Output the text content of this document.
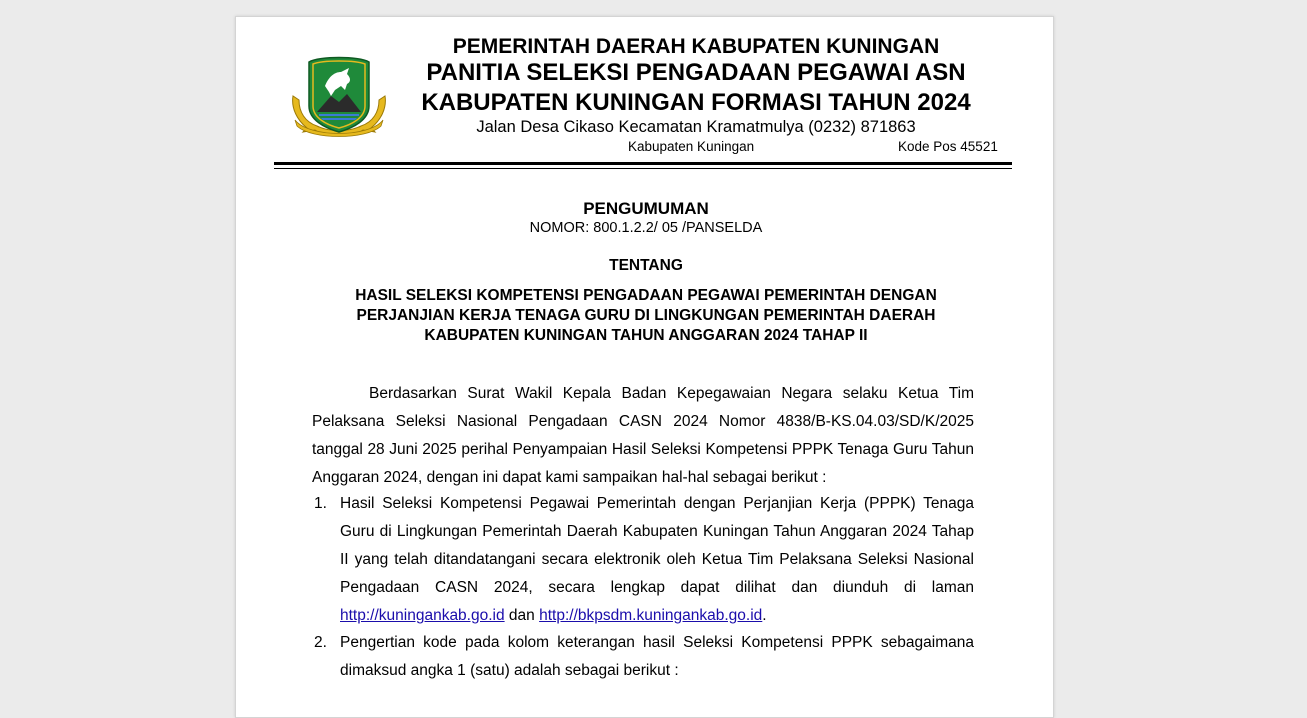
PEMERINTAH DAERAH KABUPATEN KUNINGAN
PANITIA SELEKSI PENGADAAN PEGAWAI ASN
KABUPATEN KUNINGAN FORMASI TAHUN 2024
Jalan Desa Cikaso Kecamatan Kramatmulya (0232) 871863
Kabupaten Kuningan	Kode Pos 45521
PENGUMUMAN
NOMOR: 800.1.2.2/ 05 /PANSELDA
TENTANG
HASIL SELEKSI KOMPETENSI PENGADAAN PEGAWAI PEMERINTAH DENGAN
PERJANJIAN KERJA TENAGA GURU DI LINGKUNGAN PEMERINTAH DAERAH
KABUPATEN KUNINGAN TAHUN ANGGARAN 2024 TAHAP II
Berdasarkan Surat Wakil Kepala Badan Kepegawaian Negara selaku Ketua Tim Pelaksana Seleksi Nasional Pengadaan CASN 2024 Nomor 4838/B-KS.04.03/SD/K/2025 tanggal 28 Juni 2025 perihal Penyampaian Hasil Seleksi Kompetensi PPPK Tenaga Guru Tahun Anggaran 2024, dengan ini dapat kami sampaikan hal-hal sebagai berikut :
1. Hasil Seleksi Kompetensi Pegawai Pemerintah dengan Perjanjian Kerja (PPPK) Tenaga Guru di Lingkungan Pemerintah Daerah Kabupaten Kuningan Tahun Anggaran 2024 Tahap II yang telah ditandatangani secara elektronik oleh Ketua Tim Pelaksana Seleksi Nasional Pengadaan CASN 2024, secara lengkap dapat dilihat dan diunduh di laman http://kuningankab.go.id dan http://bkpsdm.kuningankab.go.id.
2. Pengertian kode pada kolom keterangan hasil Seleksi Kompetensi PPPK sebagaimana dimaksud angka 1 (satu) adalah sebagai berikut :
